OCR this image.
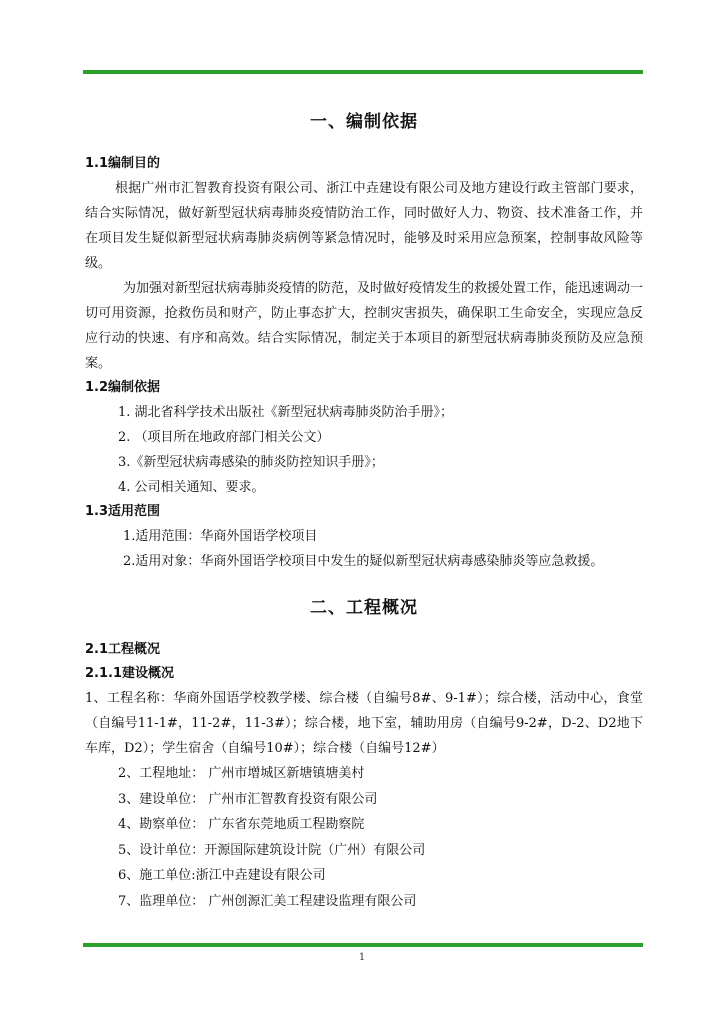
一、编制依据
1.1编制目的

根据广州市汇智教育投资有限公司、浙江中垚建设有限公司及地方建设行政主管部门要求，结合实际情况，做好新型冠状病毒肺炎疫情防治工作，同时做好人力、物资、技术准备工作，并在项目发生疑似新型冠状病毒肺炎病例等紧急情况时，能够及时采用应急预案，控制事故风险等级。

为加强对新型冠状病毒肺炎疫情的防范，及时做好疫情发生的救援处置工作，能迅速调动一切可用资源，抢救伤员和财产，防止事态扩大，控制灾害损失，确保职工生命安全，实现应急反应行动的快速、有序和高效。结合实际情况，制定关于本项目的新型冠状病毒肺炎预防及应急预案。

1.2编制依据
1. 湖北省科学技术出版社《新型冠状病毒肺炎防治手册》；
2. （项目所在地政府部门相关公文）
3.《新型冠状病毒感染的肺炎防控知识手册》；
4. 公司相关通知、要求。
1.3适用范围

1.适用范围：华商外国语学校项目

2.适用对象：华商外国语学校项目中发生的疑似新型冠状病毒感染肺炎等应急救援。

二、工程概况
2.1工程概况
2.1.1建设概况

1、工程名称：华商外国语学校教学楼、综合楼（自编号8#、9-1#）；综合楼，活动中心，食堂（自编号11-1#，11-2#，11-3#）；综合楼，地下室，辅助用房（自编号9-2#，D-2、D2地下车库，D2）；学生宿舍（自编号10#）；综合楼（自编号12#）

2、工程地址： 广州市增城区新塘镇塘美村
3、建设单位： 广州市汇智教育投资有限公司
4、勘察单位： 广东省东莞地质工程勘察院
5、设计单位：开源国际建筑设计院（广州）有限公司
6、施工单位:浙江中垚建设有限公司
7、监理单位： 广州创源汇美工程建设监理有限公司
1
